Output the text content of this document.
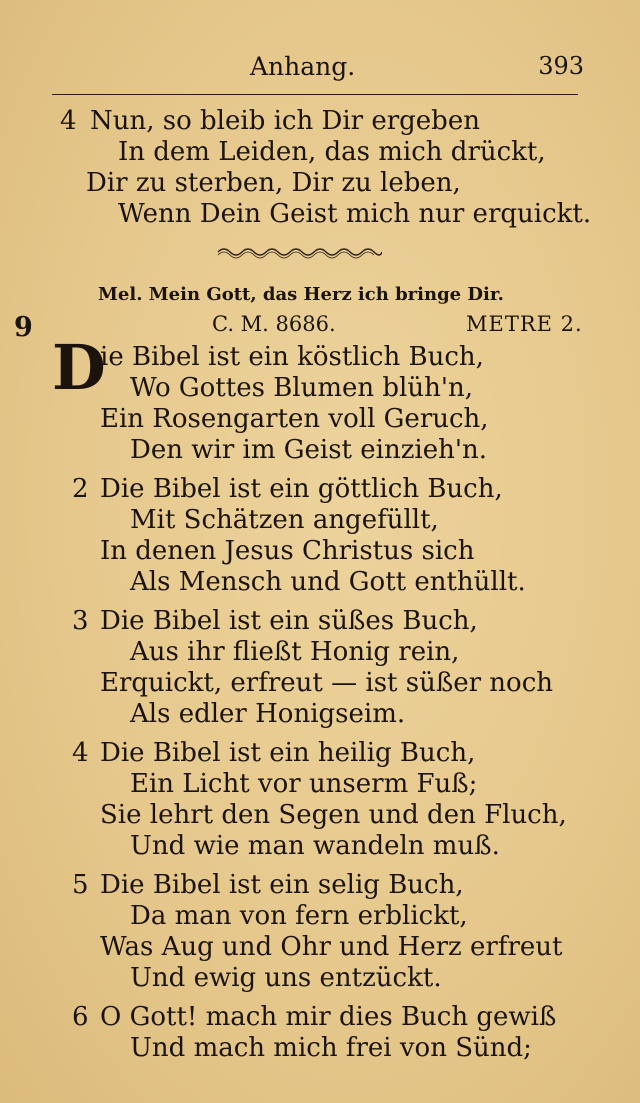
Anhang.	393
4 Nun, so bleib ich Dir ergeben
In dem Leiden, das mich drückt,
Dir zu sterben, Dir zu leben,
Wenn Dein Geist mich nur erquickt.
Mel. Mein Gott, das Herz ich bringe Dir.
9	C. M. 8686.	METRE 2.
D
ie Bibel ist ein köstlich Buch,
Wo Gottes Blumen blüh'n,
Ein Rosengarten voll Geruch,
Den wir im Geist einzieh'n.
2 Die Bibel ist ein göttlich Buch,
Mit Schätzen angefüllt,
In denen Jesus Christus sich
Als Mensch und Gott enthüllt.
3 Die Bibel ist ein süßes Buch,
Aus ihr fließt Honig rein,
Erquickt, erfreut — ist süßer noch
Als edler Honigseim.
4 Die Bibel ist ein heilig Buch,
Ein Licht vor unserm Fuß;
Sie lehrt den Segen und den Fluch,
Und wie man wandeln muß.
5 Die Bibel ist ein selig Buch,
Da man von fern erblickt,
Was Aug und Ohr und Herz erfreut
Und ewig uns entzückt.
6 O Gott! mach mir dies Buch gewiß
Und mach mich frei von Sünd;
